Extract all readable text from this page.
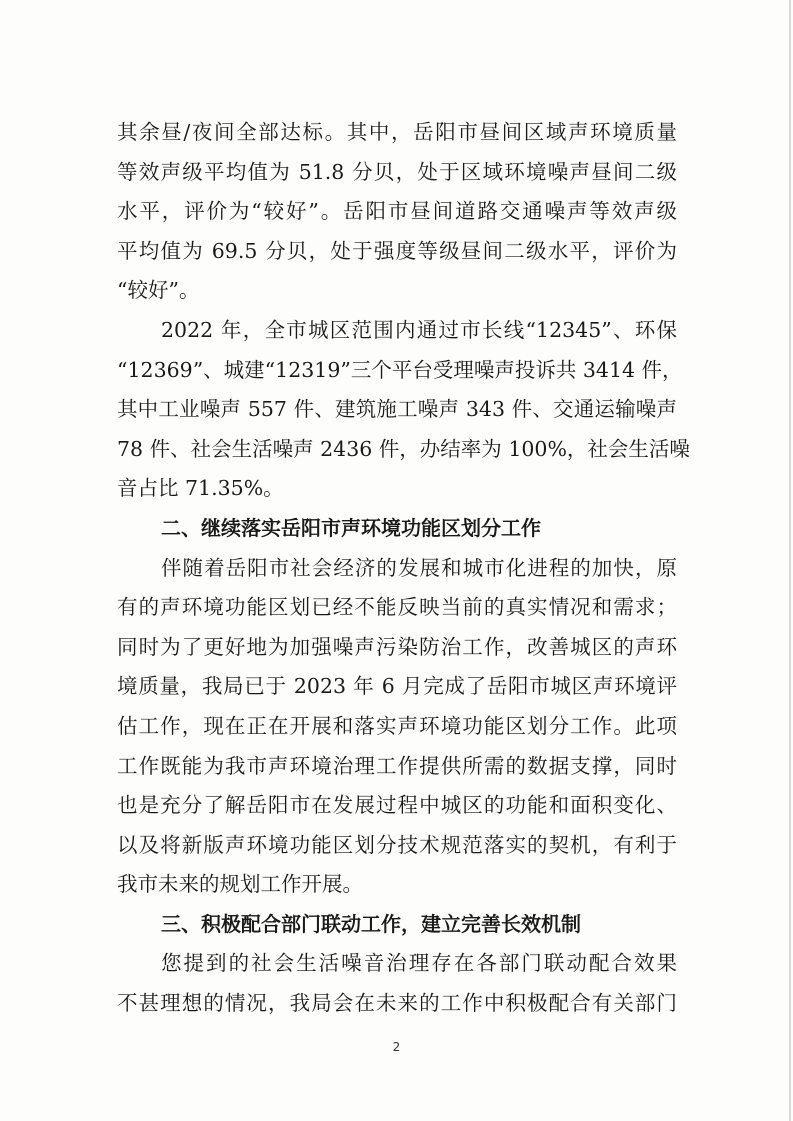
其余昼/夜间全部达标。其中，岳阳市昼间区域声环境质量
等效声级平均值为 51.8 分贝，处于区域环境噪声昼间二级
水平，评价为“较好”。岳阳市昼间道路交通噪声等效声级
平均值为 69.5 分贝，处于强度等级昼间二级水平，评价为
“较好”。
2022 年，全市城区范围内通过市长线“12345”、环保
“12369”、城建“12319”三个平台受理噪声投诉共 3414 件，
其中工业噪声 557 件、建筑施工噪声 343 件、交通运输噪声
78 件、社会生活噪声 2436 件，办结率为 100%，社会生活噪
音占比 71.35%。
二、继续落实岳阳市声环境功能区划分工作
伴随着岳阳市社会经济的发展和城市化进程的加快，原
有的声环境功能区划已经不能反映当前的真实情况和需求；
同时为了更好地为加强噪声污染防治工作，改善城区的声环
境质量，我局已于 2023 年 6 月完成了岳阳市城区声环境评
估工作，现在正在开展和落实声环境功能区划分工作。此项
工作既能为我市声环境治理工作提供所需的数据支撑，同时
也是充分了解岳阳市在发展过程中城区的功能和面积变化、
以及将新版声环境功能区划分技术规范落实的契机，有利于
我市未来的规划工作开展。
三、积极配合部门联动工作，建立完善长效机制
您提到的社会生活噪音治理存在各部门联动配合效果
不甚理想的情况，我局会在未来的工作中积极配合有关部门
2
